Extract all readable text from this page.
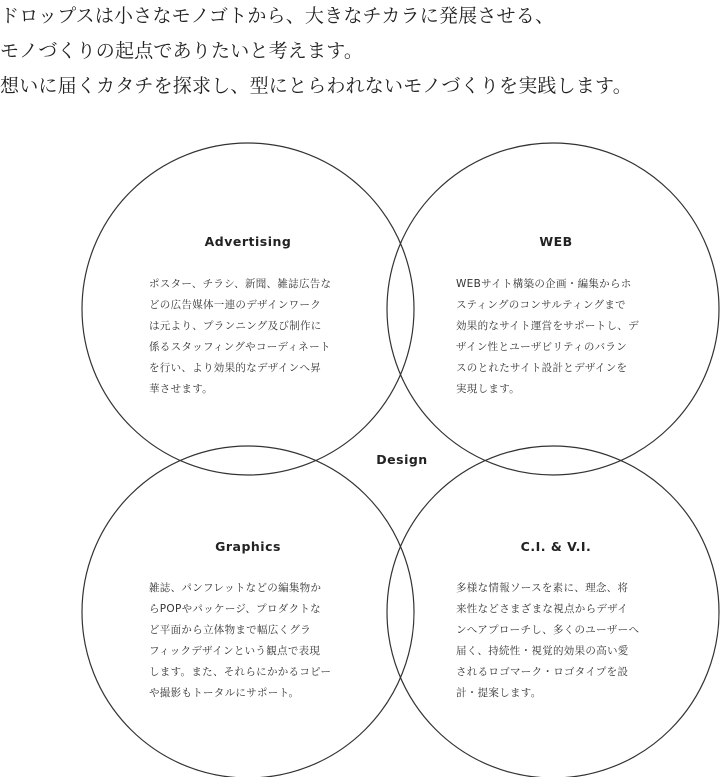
ドロップスは小さなモノゴトから、大きなチカラに発展させる、
モノづくりの起点でありたいと考えます。
想いに届くカタチを探求し、型にとらわれないモノづくりを実践します。
Advertising
ポスター、チラシ、新聞、雑誌広告な
どの広告媒体一連のデザインワーク
は元より、プランニング及び制作に
係るスタッフィングやコーディネート
を行い、より効果的なデザインへ昇
華させます。
WEB
WEBサイト構築の企画・編集からホ
スティングのコンサルティングまで
効果的なサイト運営をサポートし、デ
ザイン性とユーザビリティのバラン
スのとれたサイト設計とデザインを
実現します。
Design
Graphics
雑誌、パンフレットなどの編集物か
らPOPやパッケージ、プロダクトな
ど平面から立体物まで幅広くグラ
フィックデザインという観点で表現
します。また、それらにかかるコピー
や撮影もトータルにサポート。
C.I. & V.I.
多様な情報ソースを素に、理念、将
来性などさまざまな視点からデザイ
ンへアプローチし、多くのユーザーへ
届く、持続性・視覚的効果の高い愛
されるロゴマーク・ロゴタイプを設
計・提案します。
